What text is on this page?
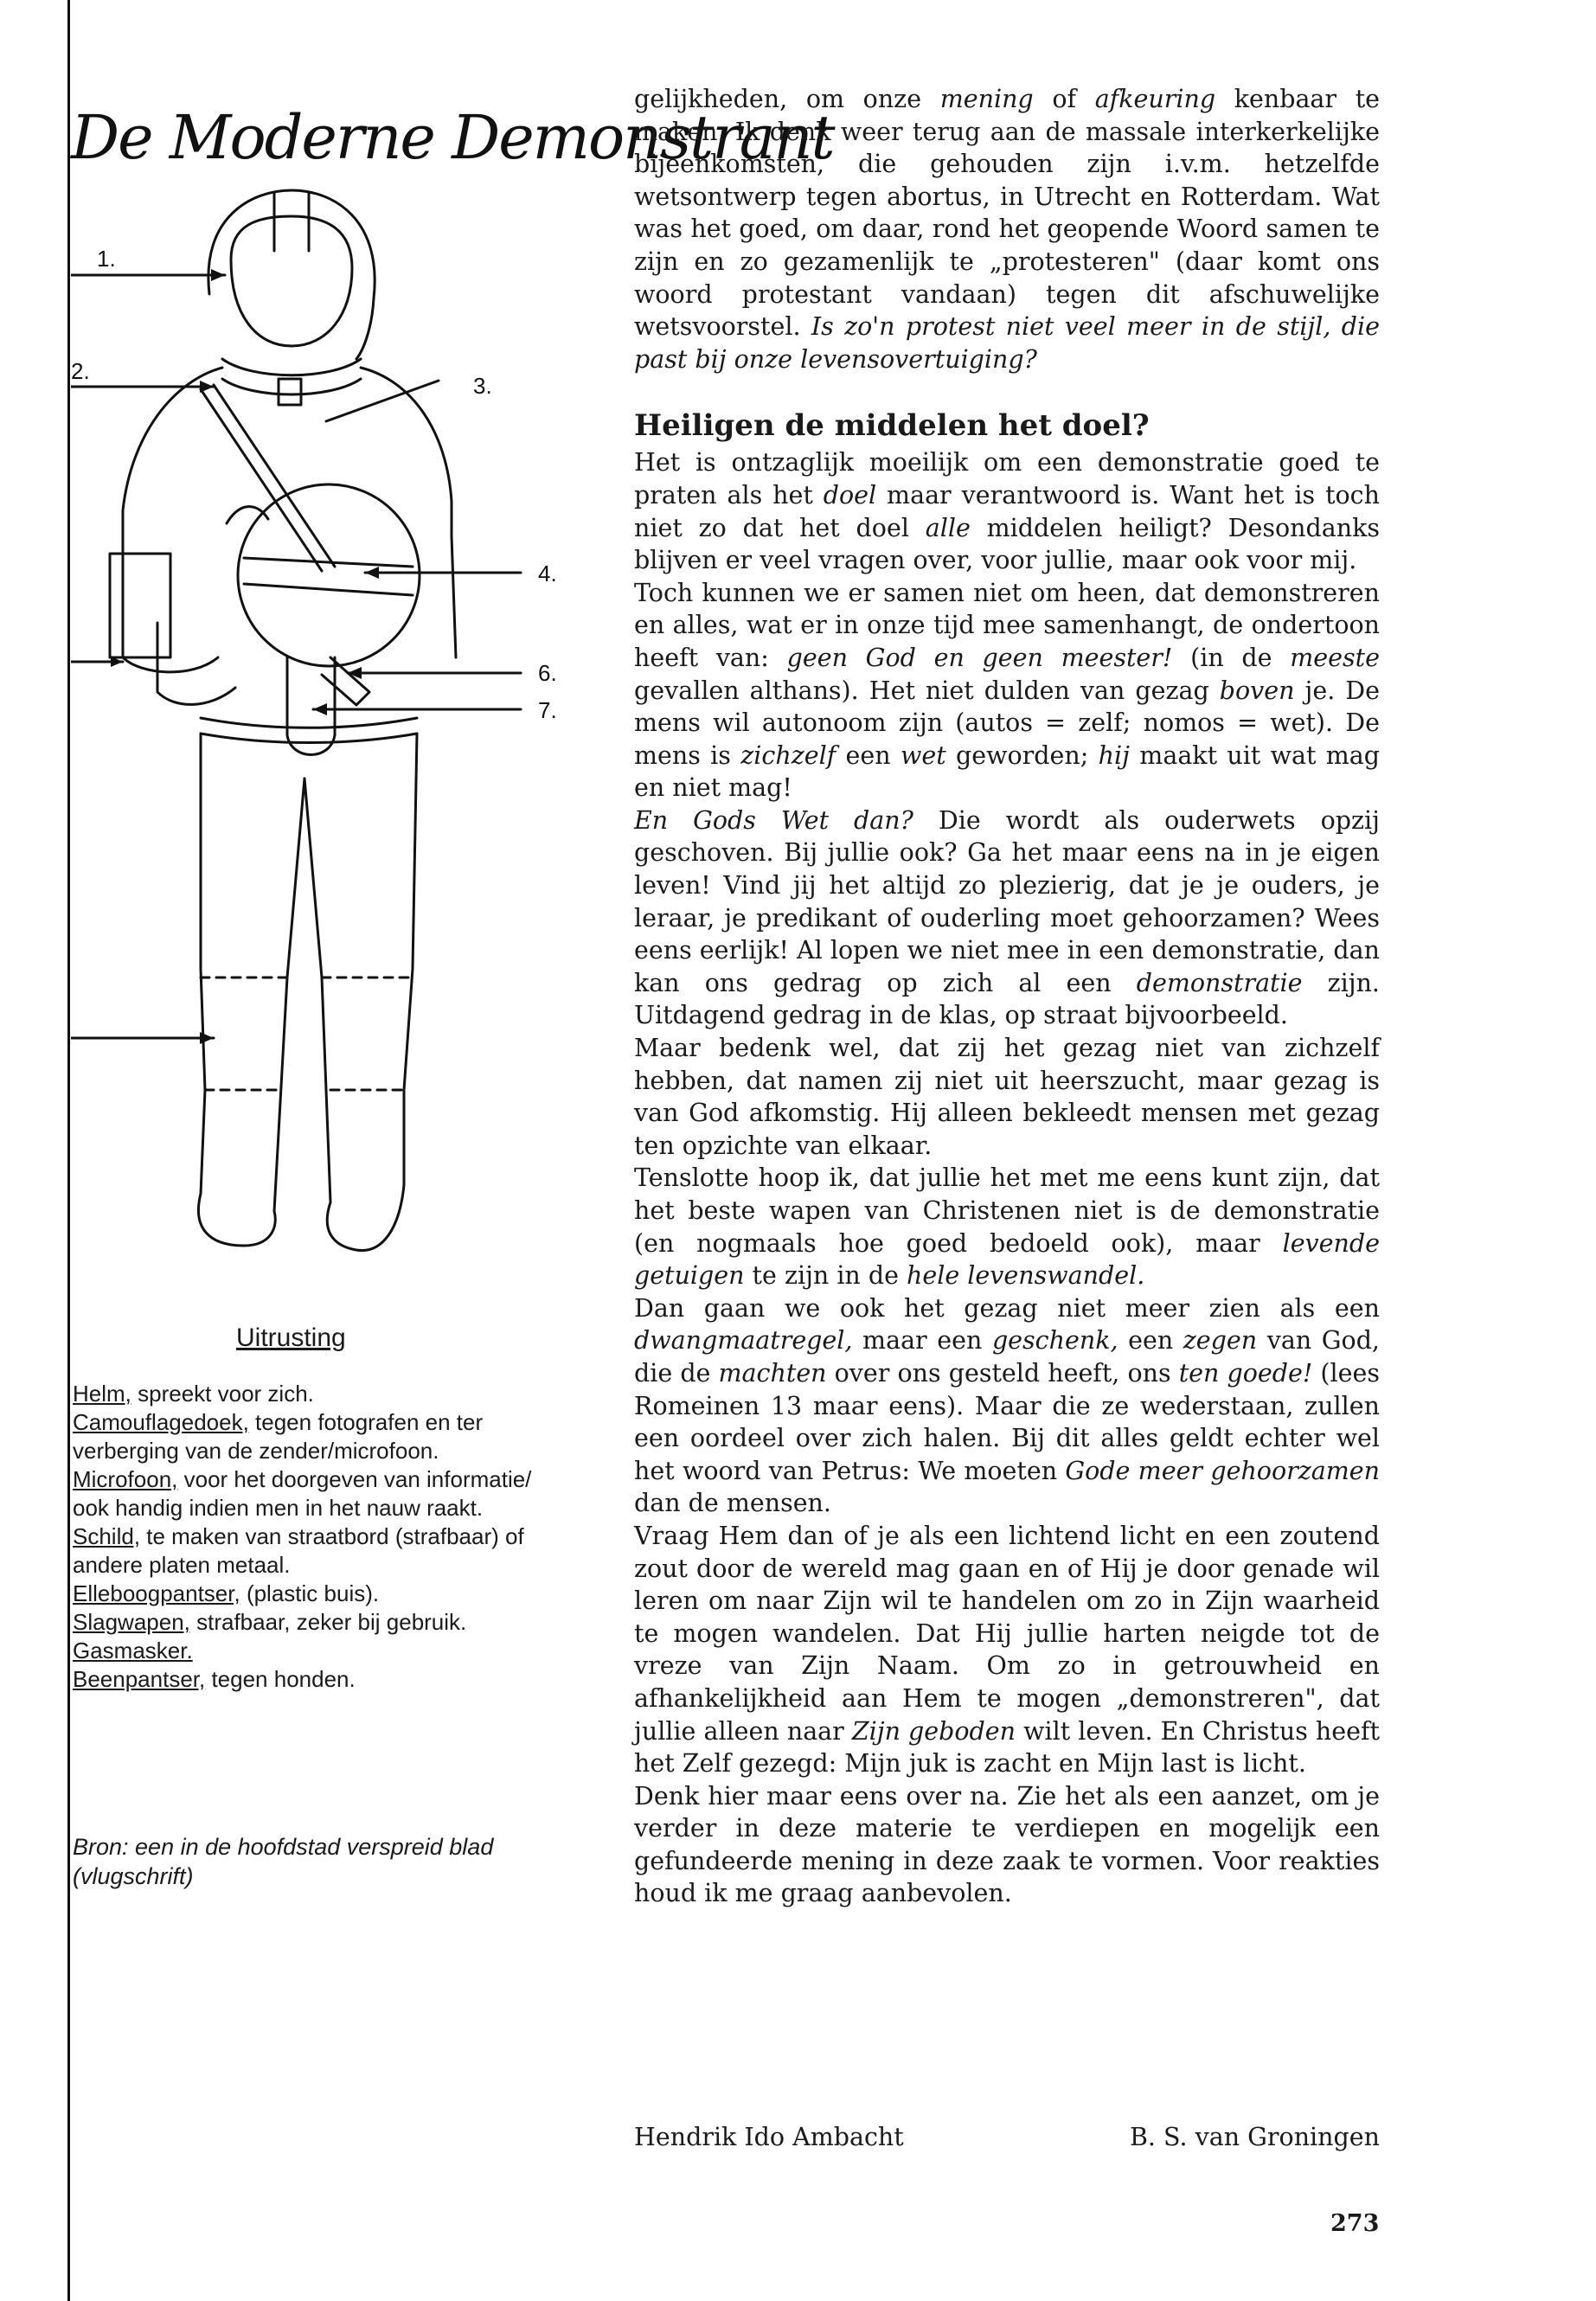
De Moderne Demonstrant
1.
2.
3.
4.
6.
7.
Uitrusting
Helm, spreekt voor zich.
Camouflagedoek, tegen fotografen en ter verberging van de zender/microfoon.
Microfoon, voor het doorgeven van informatie/ ook handig indien men in het nauw raakt.
Schild, te maken van straatbord (strafbaar) of andere platen metaal.
Elleboogpantser, (plastic buis).
Slagwapen, strafbaar, zeker bij gebruik.
Gasmasker.
Beenpantser, tegen honden.
Bron: een in de hoofdstad verspreid blad (vlugschrift)

gelijkheden, om onze mening of afkeuring kenbaar te maken. Ik denk weer terug aan de massale interkerkelijke bijeenkomsten, die gehouden zijn i.v.m. hetzelfde wetsontwerp tegen abortus, in Utrecht en Rotterdam. Wat was het goed, om daar, rond het geopende Woord samen te zijn en zo gezamenlijk te „protesteren" (daar komt ons woord protestant vandaan) tegen dit afschuwelijke wetsvoorstel. Is zo'n protest niet veel meer in de stijl, die past bij onze levensovertuiging?

Heiligen de middelen het doel?

Het is ontzaglijk moeilijk om een demonstratie goed te praten als het doel maar verantwoord is. Want het is toch niet zo dat het doel alle middelen heiligt? Desondanks blijven er veel vragen over, voor jullie, maar ook voor mij.

Toch kunnen we er samen niet om heen, dat demonstreren en alles, wat er in onze tijd mee samenhangt, de ondertoon heeft van: geen God en geen meester! (in de meeste gevallen althans). Het niet dulden van gezag boven je. De mens wil autonoom zijn (autos = zelf; nomos = wet). De mens is zichzelf een wet geworden; hij maakt uit wat mag en niet mag!

En Gods Wet dan? Die wordt als ouderwets opzij geschoven. Bij jullie ook? Ga het maar eens na in je eigen leven! Vind jij het altijd zo plezierig, dat je je ouders, je leraar, je predikant of ouderling moet gehoorzamen? Wees eens eerlijk! Al lopen we niet mee in een demonstratie, dan kan ons gedrag op zich al een demonstratie zijn. Uitdagend gedrag in de klas, op straat bijvoorbeeld.

Maar bedenk wel, dat zij het gezag niet van zichzelf hebben, dat namen zij niet uit heerszucht, maar gezag is van God afkomstig. Hij alleen bekleedt mensen met gezag ten opzichte van elkaar.

Tenslotte hoop ik, dat jullie het met me eens kunt zijn, dat het beste wapen van Christenen niet is de demonstratie (en nogmaals hoe goed bedoeld ook), maar levende getuigen te zijn in de hele levenswandel.

Dan gaan we ook het gezag niet meer zien als een dwangmaatregel, maar een geschenk, een zegen van God, die de machten over ons gesteld heeft, ons ten goede! (lees Romeinen 13 maar eens). Maar die ze wederstaan, zullen een oordeel over zich halen. Bij dit alles geldt echter wel het woord van Petrus: We moeten Gode meer gehoorzamen dan de mensen.

Vraag Hem dan of je als een lichtend licht en een zoutend zout door de wereld mag gaan en of Hij je door genade wil leren om naar Zijn wil te handelen om zo in Zijn waarheid te mogen wandelen. Dat Hij jullie harten neigde tot de vreze van Zijn Naam. Om zo in getrouwheid en afhankelijkheid aan Hem te mogen „demonstreren", dat jullie alleen naar Zijn geboden wilt leven. En Christus heeft het Zelf gezegd: Mijn juk is zacht en Mijn last is licht.

Denk hier maar eens over na. Zie het als een aanzet, om je verder in deze materie te verdiepen en mogelijk een gefundeerde mening in deze zaak te vormen. Voor reakties houd ik me graag aanbevolen.

Hendrik Ido Ambacht	B. S. van Groningen
273
